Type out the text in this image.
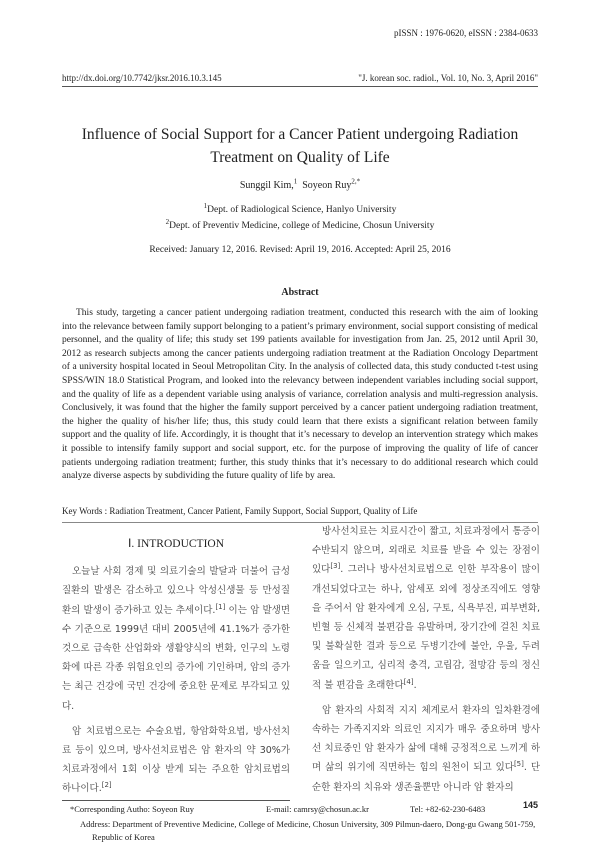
pISSN : 1976-0620, eISSN : 2384-0633
http://dx.doi.org/10.7742/jksr.2016.10.3.145	"J. korean soc. radiol., Vol. 10, No. 3, April 2016"
Influence of Social Support for a Cancer Patient undergoing Radiation Treatment on Quality of Life
Sunggil Kim,$^1$ Soyeon Ruy$^{2,*}$
$^1$Dept. of Radiological Science, Hanlyo University
$^2$Dept. of Preventiv Medicine, college of Medicine, Chosun University
Received: January 12, 2016. Revised: April 19, 2016. Accepted: April 25, 2016
Abstract
This study, targeting a cancer patient undergoing radiation treatment, conducted this research with the aim of looking into the relevance between family support belonging to a patient’s primary environment, social support consisting of medical personnel, and the quality of life; this study set 199 patients available for investigation from Jan. 25, 2012 until April 30, 2012 as research subjects among the cancer patients undergoing radiation treatment at the Radiation Oncology Department of a university hospital located in Seoul Metropolitan City. In the analysis of collected data, this study conducted t-test using SPSS/WIN 18.0 Statistical Program, and looked into the relevancy between independent variables including social support, and the quality of life as a dependent variable using analysis of variance, correlation analysis and multi-regression analysis. Conclusively, it was found that the higher the family support perceived by a cancer patient undergoing radiation treatment, the higher the quality of his/her life; thus, this study could learn that there exists a significant relation between family support and the quality of life. Accordingly, it is thought that it’s necessary to develop an intervention strategy which makes it possible to intensify family support and social support, etc. for the purpose of improving the quality of life of cancer patients undergoing radiation treatment; further, this study thinks that it’s necessary to do additional research which could analyze diverse aspects by subdividing the future quality of life by area.
Key Words : Radiation Treatment, Cancer Patient, Family Support, Social Support, Quality of Life
Ⅰ. INTRODUCTION

오늘날 사회 경제 및 의료기술의 발달과 더불어 급성질환의 발생은 감소하고 있으나 악성신생물 등 만성질환의 발생이 증가하고 있는 추세이다.[1] 이는 암 발생면수 기준으로 1999년 대비 2005년에 41.1%가 증가한 것으로 급속한 산업화와 생활양식의 변화, 인구의 노령화에 따른 각종 위험요인의 증가에 기인하며, 암의 증가는 최근 건강에 국민 건강에 중요한 문제로 부각되고 있다.

암 치료법으로는 수술요법, 항암화학요법, 방사선치료 등이 있으며, 방사선치료법은 암 환자의 약 30%가 치료과정에서 1회 이상 받게 되는 주요한 암치료법의 하나이다.[2]

방사선치료는 치료시간이 짧고, 치료과정에서 통증이 수반되지 않으며, 외래로 치료를 받을 수 있는 장점이 있다[3]. 그러나 방사선치료법으로 인한 부작용이 많이 개선되었다고는 하나, 암세포 외에 정상조직에도 영향을 주어서 암 환자에게 오심, 구토, 식욕부진, 피부변화, 빈혈 등 신체적 불편감을 유발하며, 장기간에 걸친 치료 및 불확실한 결과 등으로 두병기간에 불안, 우울, 두려움을 일으키고, 심리적 충격, 고립감, 절망감 등의 정신적 불 편감을 초래한다[4].

암 환자의 사회적 지지 체계로서 환자의 일차환경에 속하는 가족지지와 의료인 지지가 매우 중요하며 방사선 치료중인 암 환자가 삶에 대해 긍정적으로 느끼게 하며 삶의 위기에 직면하는 힘의 원천이 되고 있다[5]. 단순한 환자의 치유와 생존율뿐만 아니라 암 환자의

*Corresponding Autho: Soyeon Ruy	E-mail: camrsy@chosun.ac.kr	Tel: +82-62-230-6483	145
Address: Department of Preventive Medicine, College of Medicine, Chosun University, 309 Pilmun-daero, Dong-gu Gwang 501-759, Republic of Korea
